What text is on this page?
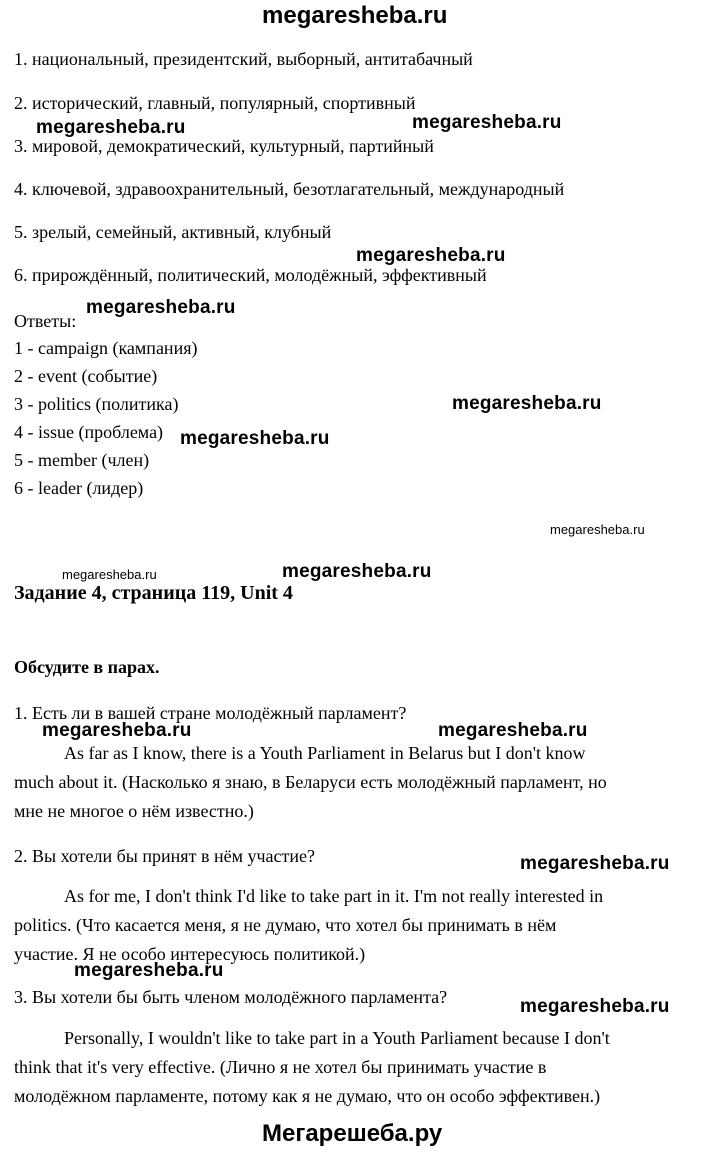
megaresheba.ru
1. национальный, президентский, выборный, антитабачный
2. исторический, главный, популярный, спортивный
3. мировой, демократический, культурный, партийный
4. ключевой, здравоохранительный, безотлагательный, международный
5. зрелый, семейный, активный, клубный
6. прирождённый, политический, молодёжный, эффективный
Ответы:
1 - campaign (кампания)
2 - event (событие)
3 - politics (политика)
4 - issue (проблема)
5 - member (член)
6 - leader (лидер)
Задание 4, страница 119, Unit 4
Обсудите в парах.
1. Есть ли в вашей стране молодёжный парламент?
As far as I know, there is a Youth Parliament in Belarus but I don't know
much about it. (Насколько я знаю, в Беларуси есть молодёжный парламент, но
мне не многое о нём известно.)
2. Вы хотели бы принят в нём участие?
As for me, I don't think I'd like to take part in it. I'm not really interested in
politics. (Что касается меня, я не думаю, что хотел бы принимать в нём
участие. Я не особо интересуюсь политикой.)
3. Вы хотели бы быть членом молодёжного парламента?
Personally, I wouldn't like to take part in a Youth Parliament because I don't
think that it's very effective. (Лично я не хотел бы принимать участие в
молодёжном парламенте, потому как я не думаю, что он особо эффективен.)
megaresheba.ru	megaresheba.ru
megaresheba.ru
megaresheba.ru
megaresheba.ru
megaresheba.ru
megaresheba.ru
megaresheba.ru	megaresheba.ru
megaresheba.ru
megaresheba.ru
megaresheba.ru
megaresheba.ru
megaresheba.ru
Мегарешеба.ру
